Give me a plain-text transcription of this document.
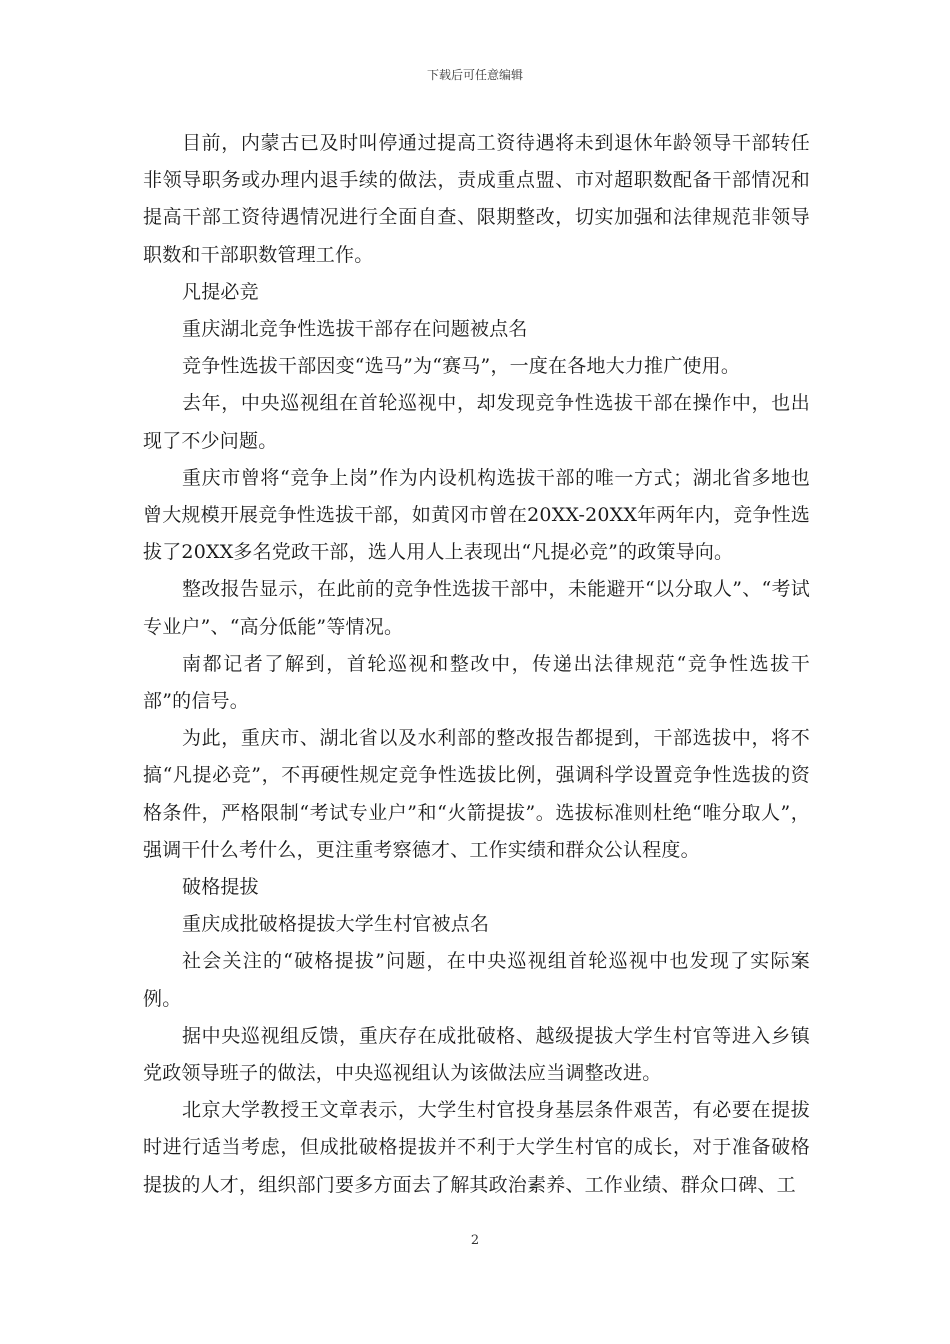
下载后可任意编辑

目前，内蒙古已及时叫停通过提高工资待遇将未到退休年龄领导干部转任非领导职务或办理内退手续的做法，责成重点盟、市对超职数配备干部情况和提高干部工资待遇情况进行全面自查、限期整改，切实加强和法律规范非领导职数和干部职数管理工作。

凡提必竞

重庆湖北竞争性选拔干部存在问题被点名

竞争性选拔干部因变“选马”为“赛马”，一度在各地大力推广使用。

去年，中央巡视组在首轮巡视中，却发现竞争性选拔干部在操作中，也出现了不少问题。

重庆市曾将“竞争上岗”作为内设机构选拔干部的唯一方式；湖北省多地也曾大规模开展竞争性选拔干部，如黄冈市曾在20XX-20XX年两年内，竞争性选拔了20XX多名党政干部，选人用人上表现出“凡提必竞”的政策导向。

整改报告显示，在此前的竞争性选拔干部中，未能避开“以分取人”、“考试专业户”、“高分低能”等情况。

南都记者了解到，首轮巡视和整改中，传递出法律规范“竞争性选拔干部”的信号。

为此，重庆市、湖北省以及水利部的整改报告都提到，干部选拔中，将不搞“凡提必竞”，不再硬性规定竞争性选拔比例，强调科学设置竞争性选拔的资格条件，严格限制“考试专业户”和“火箭提拔”。选拔标准则杜绝“唯分取人”，强调干什么考什么，更注重考察德才、工作实绩和群众公认程度。

破格提拔

重庆成批破格提拔大学生村官被点名

社会关注的“破格提拔”问题，在中央巡视组首轮巡视中也发现了实际案例。

据中央巡视组反馈，重庆存在成批破格、越级提拔大学生村官等进入乡镇党政领导班子的做法，中央巡视组认为该做法应当调整改进。

北京大学教授王文章表示，大学生村官投身基层条件艰苦，有必要在提拔时进行适当考虑，但成批破格提拔并不利于大学生村官的成长，对于准备破格提拔的人才，组织部门要多方面去了解其政治素养、工作业绩、群众口碑、工

2
